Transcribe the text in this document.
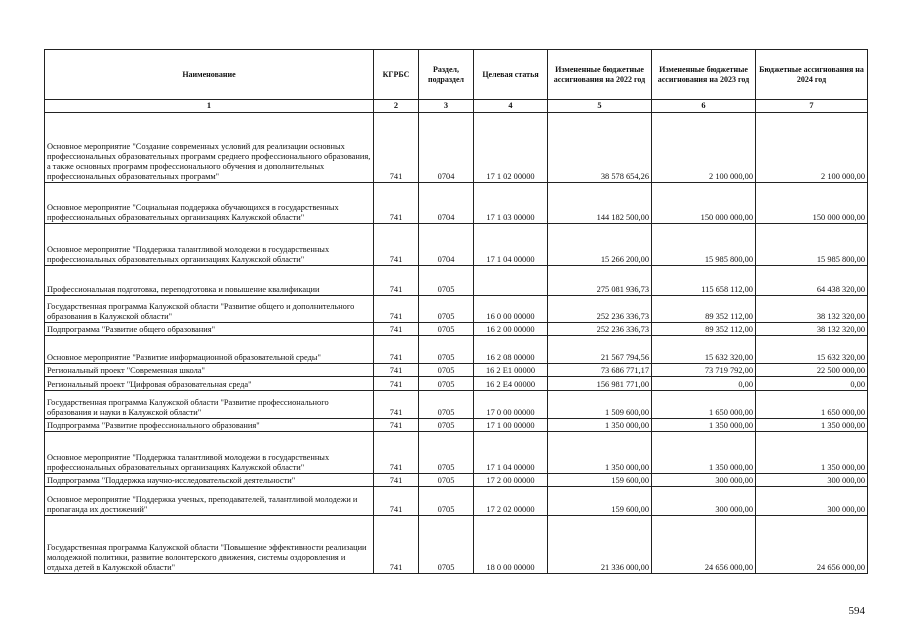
Наименование	КГРБС	Раздел, подраздел	Целевая статья	Измененные бюджетные ассигнования на 2022 год	Измененные бюджетные ассигнования на 2023 год	Бюджетные ассигнования на 2024 год
1	2	3	4	5	6	7
Основное мероприятие "Создание современных условий для реализации основных профессиональных образовательных программ среднего профессионального образования, а также основных программ профессионального обучения и дополнительных профессиональных образовательных программ"	741	0704	17 1 02 00000	38 578 654,26	2 100 000,00	2 100 000,00
Основное мероприятие "Социальная поддержка обучающихся в государственных профессиональных образовательных организациях Калужской области"	741	0704	17 1 03 00000	144 182 500,00	150 000 000,00	150 000 000,00
Основное мероприятие "Поддержка талантливой молодежи в государственных профессиональных образовательных организациях Калужской области"	741	0704	17 1 04 00000	15 266 200,00	15 985 800,00	15 985 800,00
Профессиональная подготовка, переподготовка и повышение квалификации	741	0705		275 081 936,73	115 658 112,00	64 438 320,00
Государственная программа Калужской области "Развитие общего и дополнительного образования в Калужской области"	741	0705	16 0 00 00000	252 236 336,73	89 352 112,00	38 132 320,00
Подпрограмма "Развитие общего образования"	741	0705	16 2 00 00000	252 236 336,73	89 352 112,00	38 132 320,00
Основное мероприятие "Развитие информационной образовательной среды"	741	0705	16 2 08 00000	21 567 794,56	15 632 320,00	15 632 320,00
Региональный проект "Современная школа"	741	0705	16 2 E1 00000	73 686 771,17	73 719 792,00	22 500 000,00
Региональный проект "Цифровая образовательная среда"	741	0705	16 2 E4 00000	156 981 771,00	0,00	0,00
Государственная программа Калужской области "Развитие профессионального образования и науки в Калужской области"	741	0705	17 0 00 00000	1 509 600,00	1 650 000,00	1 650 000,00
Подпрограмма "Развитие профессионального образования"	741	0705	17 1 00 00000	1 350 000,00	1 350 000,00	1 350 000,00
Основное мероприятие "Поддержка талантливой молодежи в государственных профессиональных образовательных организациях Калужской области"	741	0705	17 1 04 00000	1 350 000,00	1 350 000,00	1 350 000,00
Подпрограмма "Поддержка научно-исследовательской деятельности"	741	0705	17 2 00 00000	159 600,00	300 000,00	300 000,00
Основное мероприятие "Поддержка ученых, преподавателей, талантливой молодежи и пропаганда их достижений"	741	0705	17 2 02 00000	159 600,00	300 000,00	300 000,00
Государственная программа Калужской области "Повышение эффективности реализации молодежной политики, развитие волонтерского движения, системы оздоровления и отдыха детей в Калужской области"	741	0705	18 0 00 00000	21 336 000,00	24 656 000,00	24 656 000,00
594
